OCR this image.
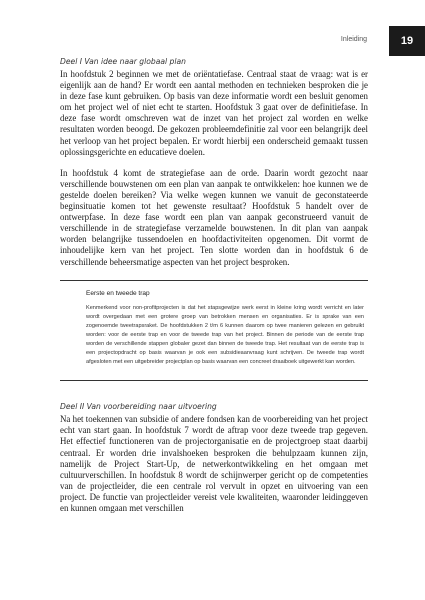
Inleiding	19

Deel I Van idee naar globaal plan

In hoofdstuk 2 beginnen we met de oriëntatiefase. Centraal staat de vraag: wat is er eigenlijk aan de hand? Er wordt een aantal methoden en technieken besproken die je in deze fase kunt gebruiken. Op basis van deze informatie wordt een besluit genomen om het project wel of niet echt te starten. Hoofdstuk 3 gaat over de definitiefase. In deze fase wordt omschreven wat de inzet van het project zal worden en welke resultaten worden beoogd. De gekozen probleemdefinitie zal voor een belangrijk deel het verloop van het project bepalen. Er wordt hierbij een onderscheid gemaakt tussen oplossingsgerichte en educatieve doelen.

In hoofdstuk 4 komt de strategiefase aan de orde. Daarin wordt gezocht naar verschillende bouwstenen om een plan van aanpak te ontwikkelen: hoe kunnen we de gestelde doelen bereiken? Via welke wegen kunnen we vanuit de geconstateerde beginsituatie komen tot het gewenste resultaat? Hoofdstuk 5 handelt over de ontwerpfase. In deze fase wordt een plan van aanpak geconstrueerd vanuit de verschillende in de strategiefase verzamelde bouwstenen. In dit plan van aanpak worden belangrijke tussendoelen en hoofdactiviteiten opgenomen. Dit vormt de inhoudelijke kern van het project. Ten slotte worden dan in hoofdstuk 6 de verschillende beheersmatige aspecten van het project besproken.

Eerste en tweede trap

Kenmerkend voor non-profitprojecten is dat het stapsgewijze werk eerst in kleine kring wordt verricht en later wordt overgedaan met een grotere groep van betrokken mensen en organisaties. Er is sprake van een zogenoemde tweetrapsraket. De hoofdstukken 2 t/m 6 kunnen daarom op twee manieren gelezen en gebruikt worden: voor de eerste trap en voor de tweede trap van het project. Binnen de periode van de eerste trap worden de verschillende stappen globaler gezet dan binnen de tweede trap. Het resultaat van de eerste trap is een projectopdracht op basis waarvan je ook een subsidieaanvraag kunt schrijven. De tweede trap wordt afgesloten met een uitgebreider projectplan op basis waarvan een concreet draaiboek uitgewerkt kan worden.

Deel II Van voorbereiding naar uitvoering

Na het toekennen van subsidie of andere fondsen kan de voorbereiding van het project echt van start gaan. In hoofdstuk 7 wordt de aftrap voor deze tweede trap gegeven. Het effectief functioneren van de projectorganisatie en de projectgroep staat daarbij centraal. Er worden drie invalshoeken besproken die behulpzaam kunnen zijn, namelijk de Project Start-Up, de netwerkontwikkeling en het omgaan met cultuurverschillen. In hoofdstuk 8 wordt de schijnwerper gericht op de competenties van de projectleider, die een centrale rol vervult in opzet en uitvoering van een project. De functie van projectleider vereist vele kwaliteiten, waaronder leidinggeven en kunnen omgaan met verschillen
